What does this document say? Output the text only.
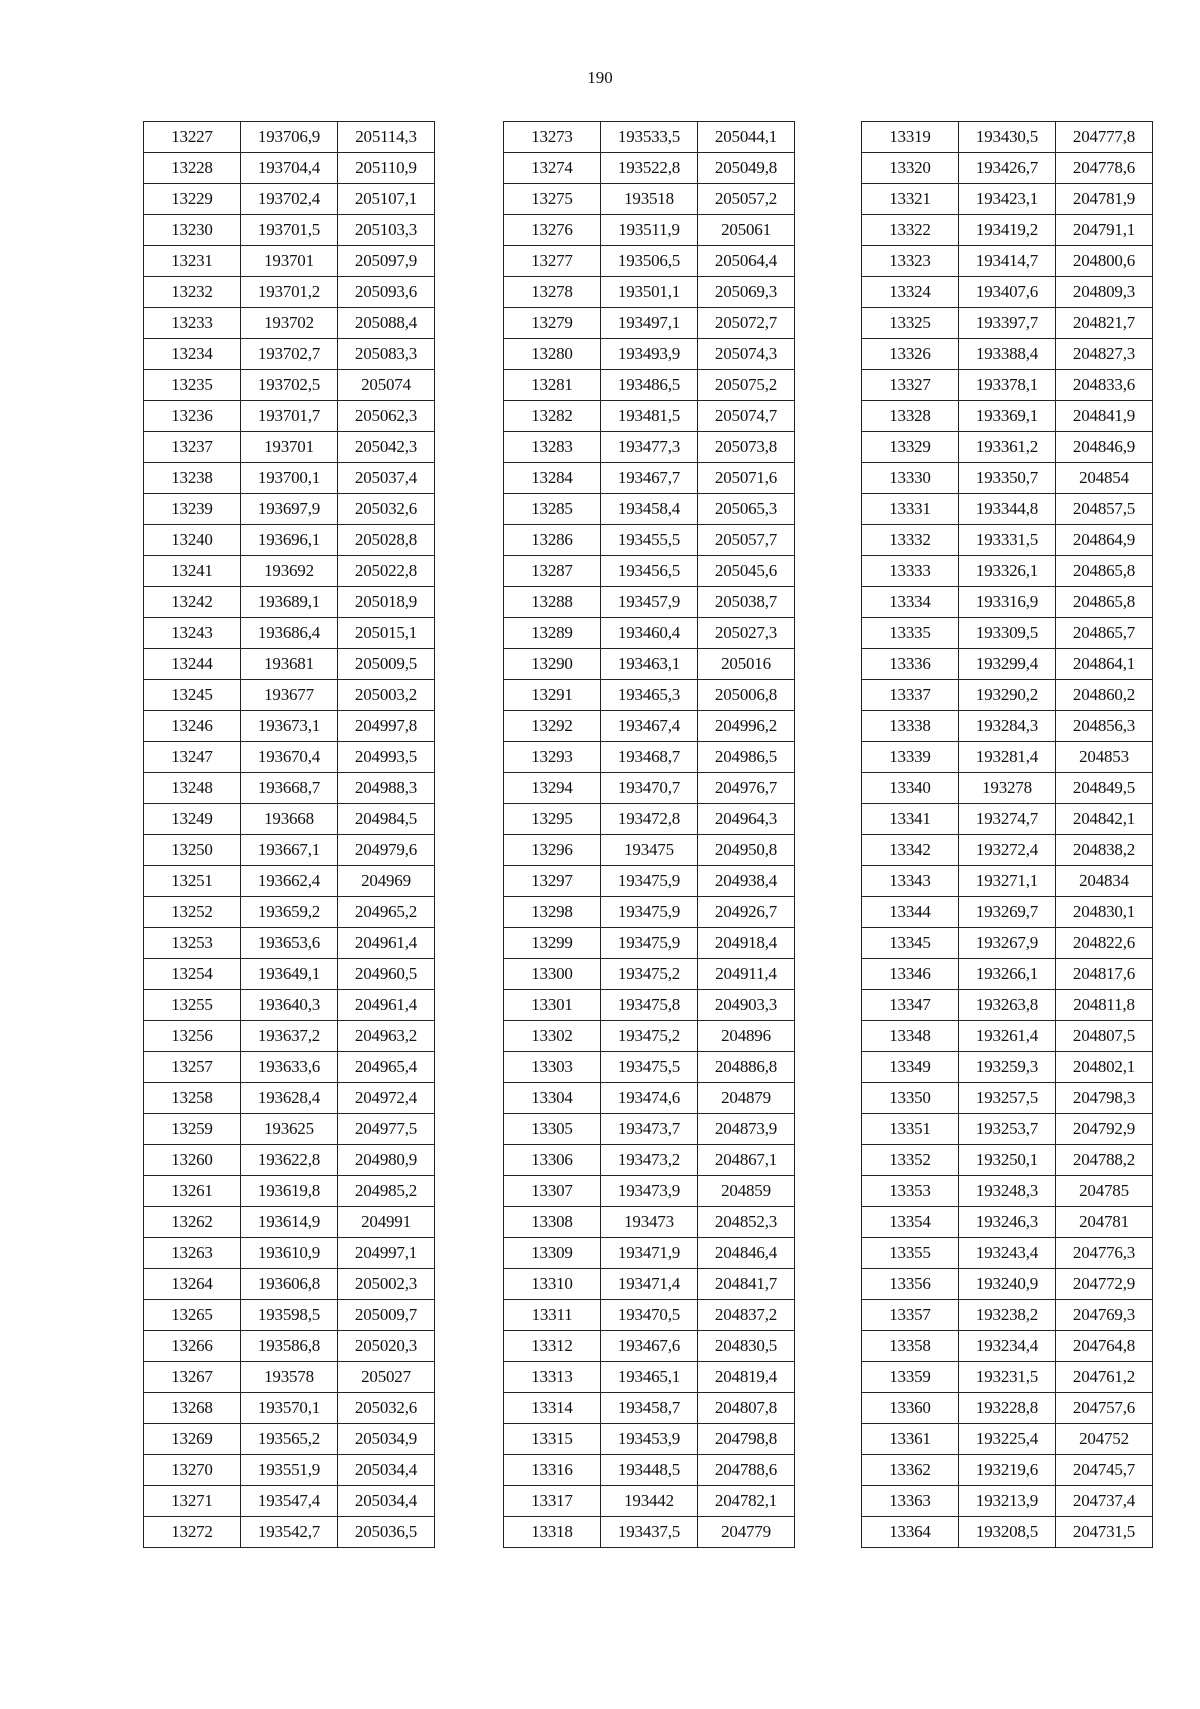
190
13227	193706,9	205114,3
13228	193704,4	205110,9
13229	193702,4	205107,1
13230	193701,5	205103,3
13231	193701	205097,9
13232	193701,2	205093,6
13233	193702	205088,4
13234	193702,7	205083,3
13235	193702,5	205074
13236	193701,7	205062,3
13237	193701	205042,3
13238	193700,1	205037,4
13239	193697,9	205032,6
13240	193696,1	205028,8
13241	193692	205022,8
13242	193689,1	205018,9
13243	193686,4	205015,1
13244	193681	205009,5
13245	193677	205003,2
13246	193673,1	204997,8
13247	193670,4	204993,5
13248	193668,7	204988,3
13249	193668	204984,5
13250	193667,1	204979,6
13251	193662,4	204969
13252	193659,2	204965,2
13253	193653,6	204961,4
13254	193649,1	204960,5
13255	193640,3	204961,4
13256	193637,2	204963,2
13257	193633,6	204965,4
13258	193628,4	204972,4
13259	193625	204977,5
13260	193622,8	204980,9
13261	193619,8	204985,2
13262	193614,9	204991
13263	193610,9	204997,1
13264	193606,8	205002,3
13265	193598,5	205009,7
13266	193586,8	205020,3
13267	193578	205027
13268	193570,1	205032,6
13269	193565,2	205034,9
13270	193551,9	205034,4
13271	193547,4	205034,4
13272	193542,7	205036,5
13273	193533,5	205044,1
13274	193522,8	205049,8
13275	193518	205057,2
13276	193511,9	205061
13277	193506,5	205064,4
13278	193501,1	205069,3
13279	193497,1	205072,7
13280	193493,9	205074,3
13281	193486,5	205075,2
13282	193481,5	205074,7
13283	193477,3	205073,8
13284	193467,7	205071,6
13285	193458,4	205065,3
13286	193455,5	205057,7
13287	193456,5	205045,6
13288	193457,9	205038,7
13289	193460,4	205027,3
13290	193463,1	205016
13291	193465,3	205006,8
13292	193467,4	204996,2
13293	193468,7	204986,5
13294	193470,7	204976,7
13295	193472,8	204964,3
13296	193475	204950,8
13297	193475,9	204938,4
13298	193475,9	204926,7
13299	193475,9	204918,4
13300	193475,2	204911,4
13301	193475,8	204903,3
13302	193475,2	204896
13303	193475,5	204886,8
13304	193474,6	204879
13305	193473,7	204873,9
13306	193473,2	204867,1
13307	193473,9	204859
13308	193473	204852,3
13309	193471,9	204846,4
13310	193471,4	204841,7
13311	193470,5	204837,2
13312	193467,6	204830,5
13313	193465,1	204819,4
13314	193458,7	204807,8
13315	193453,9	204798,8
13316	193448,5	204788,6
13317	193442	204782,1
13318	193437,5	204779
13319	193430,5	204777,8
13320	193426,7	204778,6
13321	193423,1	204781,9
13322	193419,2	204791,1
13323	193414,7	204800,6
13324	193407,6	204809,3
13325	193397,7	204821,7
13326	193388,4	204827,3
13327	193378,1	204833,6
13328	193369,1	204841,9
13329	193361,2	204846,9
13330	193350,7	204854
13331	193344,8	204857,5
13332	193331,5	204864,9
13333	193326,1	204865,8
13334	193316,9	204865,8
13335	193309,5	204865,7
13336	193299,4	204864,1
13337	193290,2	204860,2
13338	193284,3	204856,3
13339	193281,4	204853
13340	193278	204849,5
13341	193274,7	204842,1
13342	193272,4	204838,2
13343	193271,1	204834
13344	193269,7	204830,1
13345	193267,9	204822,6
13346	193266,1	204817,6
13347	193263,8	204811,8
13348	193261,4	204807,5
13349	193259,3	204802,1
13350	193257,5	204798,3
13351	193253,7	204792,9
13352	193250,1	204788,2
13353	193248,3	204785
13354	193246,3	204781
13355	193243,4	204776,3
13356	193240,9	204772,9
13357	193238,2	204769,3
13358	193234,4	204764,8
13359	193231,5	204761,2
13360	193228,8	204757,6
13361	193225,4	204752
13362	193219,6	204745,7
13363	193213,9	204737,4
13364	193208,5	204731,5
